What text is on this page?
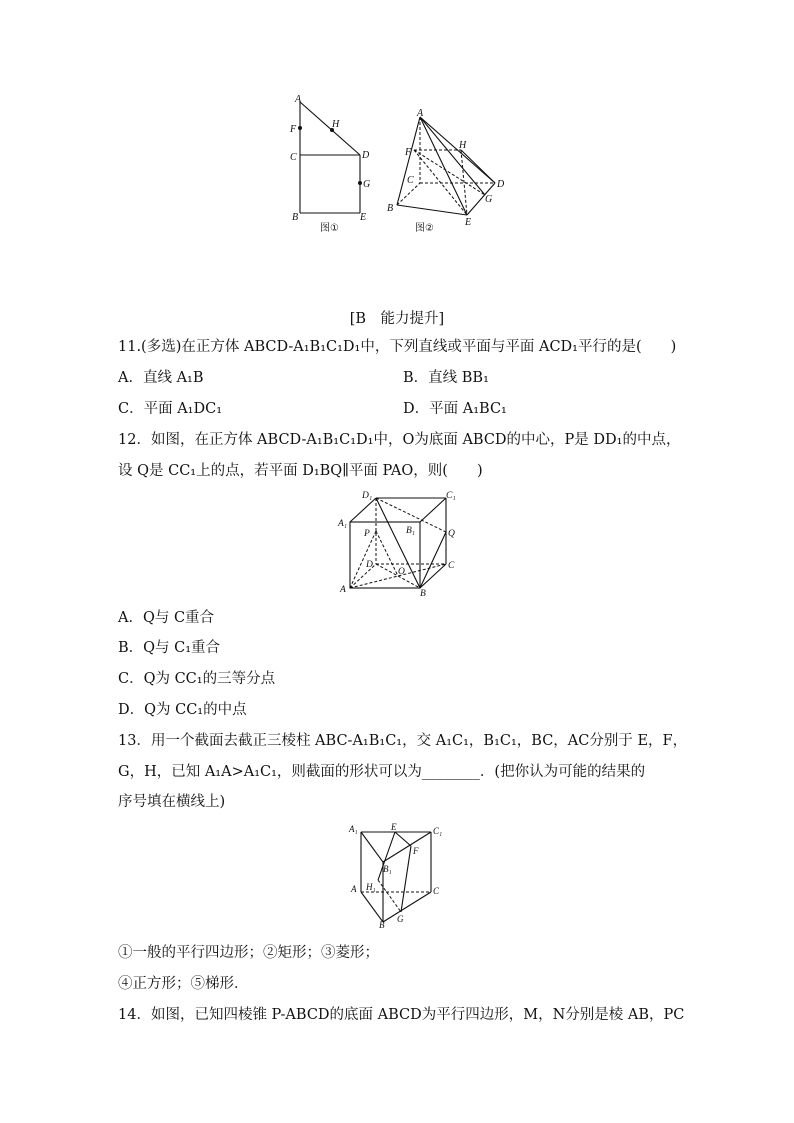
A
F	H
C	D
G
B	E
图①
A
H
F
C	D
G
B
E
图②
[B　能力提升]
11.(多选)在正方体 ABCD-A₁B₁C₁D₁中，下列直线或平面与平面 ACD₁平行的是(　　)
A．直线 A₁B	B．直线 BB₁
C．平面 A₁DC₁	D．平面 A₁BC₁
12．如图，在正方体 ABCD-A₁B₁C₁D₁中，O为底面 ABCD的中心，P是 DD₁的中点，
设 Q是 CC₁上的点，若平面 D₁BQ∥平面 PAO，则(　　)
D₁	C₁
A₁
B₁
P	Q
D
O
C
A	B
A．Q与 C重合
B．Q与 C₁重合
C．Q为 CC₁的三等分点
D．Q为 CC₁的中点
13．用一个截面去截正三棱柱 ABC-A₁B₁C₁，交 A₁C₁，B₁C₁，BC，AC分别于 E，F，
G，H，已知 A₁A>A₁C₁，则截面的形状可以为________．(把你认为可能的结果的
序号填在横线上)
A₁	E	C₁
B₁
F
A H₁	C
B
G
①一般的平行四边形；②矩形；③菱形；
④正方形；⑤梯形．
14．如图，已知四棱锥 P-ABCD的底面 ABCD为平行四边形，M，N分别是棱 AB，PC
